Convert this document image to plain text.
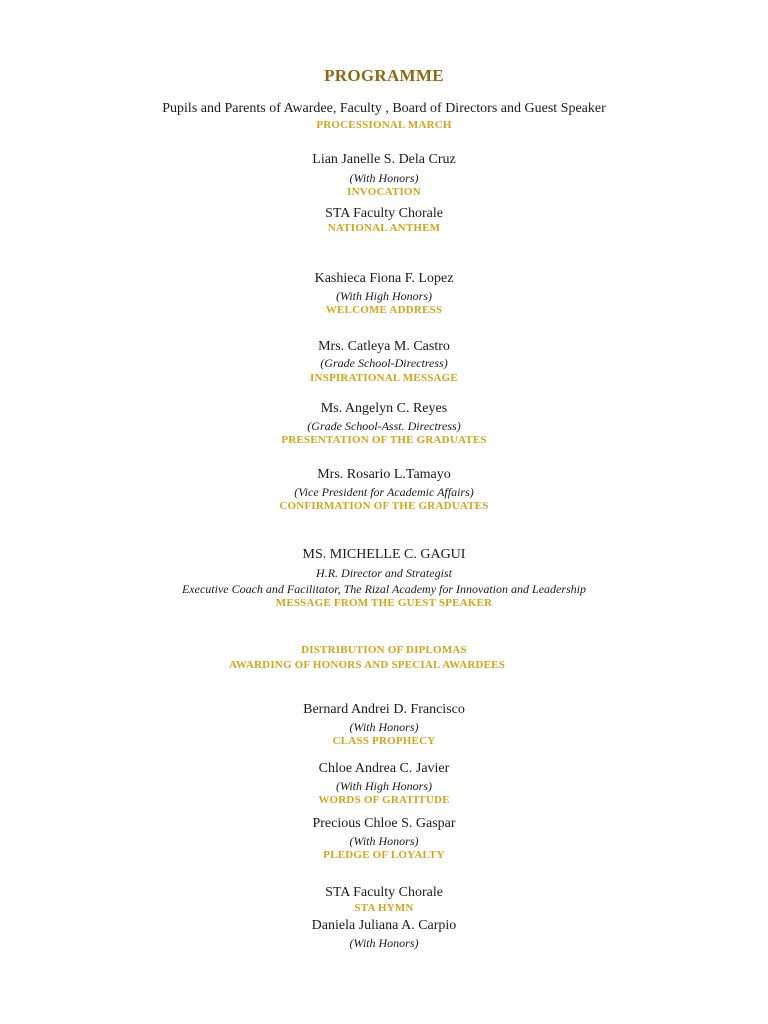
PROGRAMME
Pupils and Parents of Awardee, Faculty , Board of Directors and Guest Speaker
PROCESSIONAL MARCH
Lian Janelle S. Dela Cruz
(With Honors)
INVOCATION
STA Faculty Chorale
NATIONAL ANTHEM
Kashieca Fiona F. Lopez
(With High Honors)
WELCOME ADDRESS
Mrs. Catleya M. Castro
(Grade School-Directress)
INSPIRATIONAL MESSAGE
Ms. Angelyn C. Reyes
(Grade School-Asst. Directress)
PRESENTATION OF THE GRADUATES
Mrs. Rosario L.Tamayo
(Vice President for Academic Affairs)
CONFIRMATION OF THE GRADUATES
MS. MICHELLE C. GAGUI
H.R. Director and Strategist
Executive Coach and Facilitator, The Rizal Academy for Innovation and Leadership
MESSAGE FROM THE GUEST SPEAKER
DISTRIBUTION OF DIPLOMAS
AWARDING OF HONORS AND SPECIAL AWARDEES
Bernard Andrei D. Francisco
(With Honors)
CLASS PROPHECY
Chloe Andrea C. Javier
(With High Honors)
WORDS OF GRATITUDE
Precious Chloe S. Gaspar
(With Honors)
PLEDGE OF LOYALTY
STA Faculty Chorale
STA HYMN
Daniela Juliana A. Carpio
(With Honors)
